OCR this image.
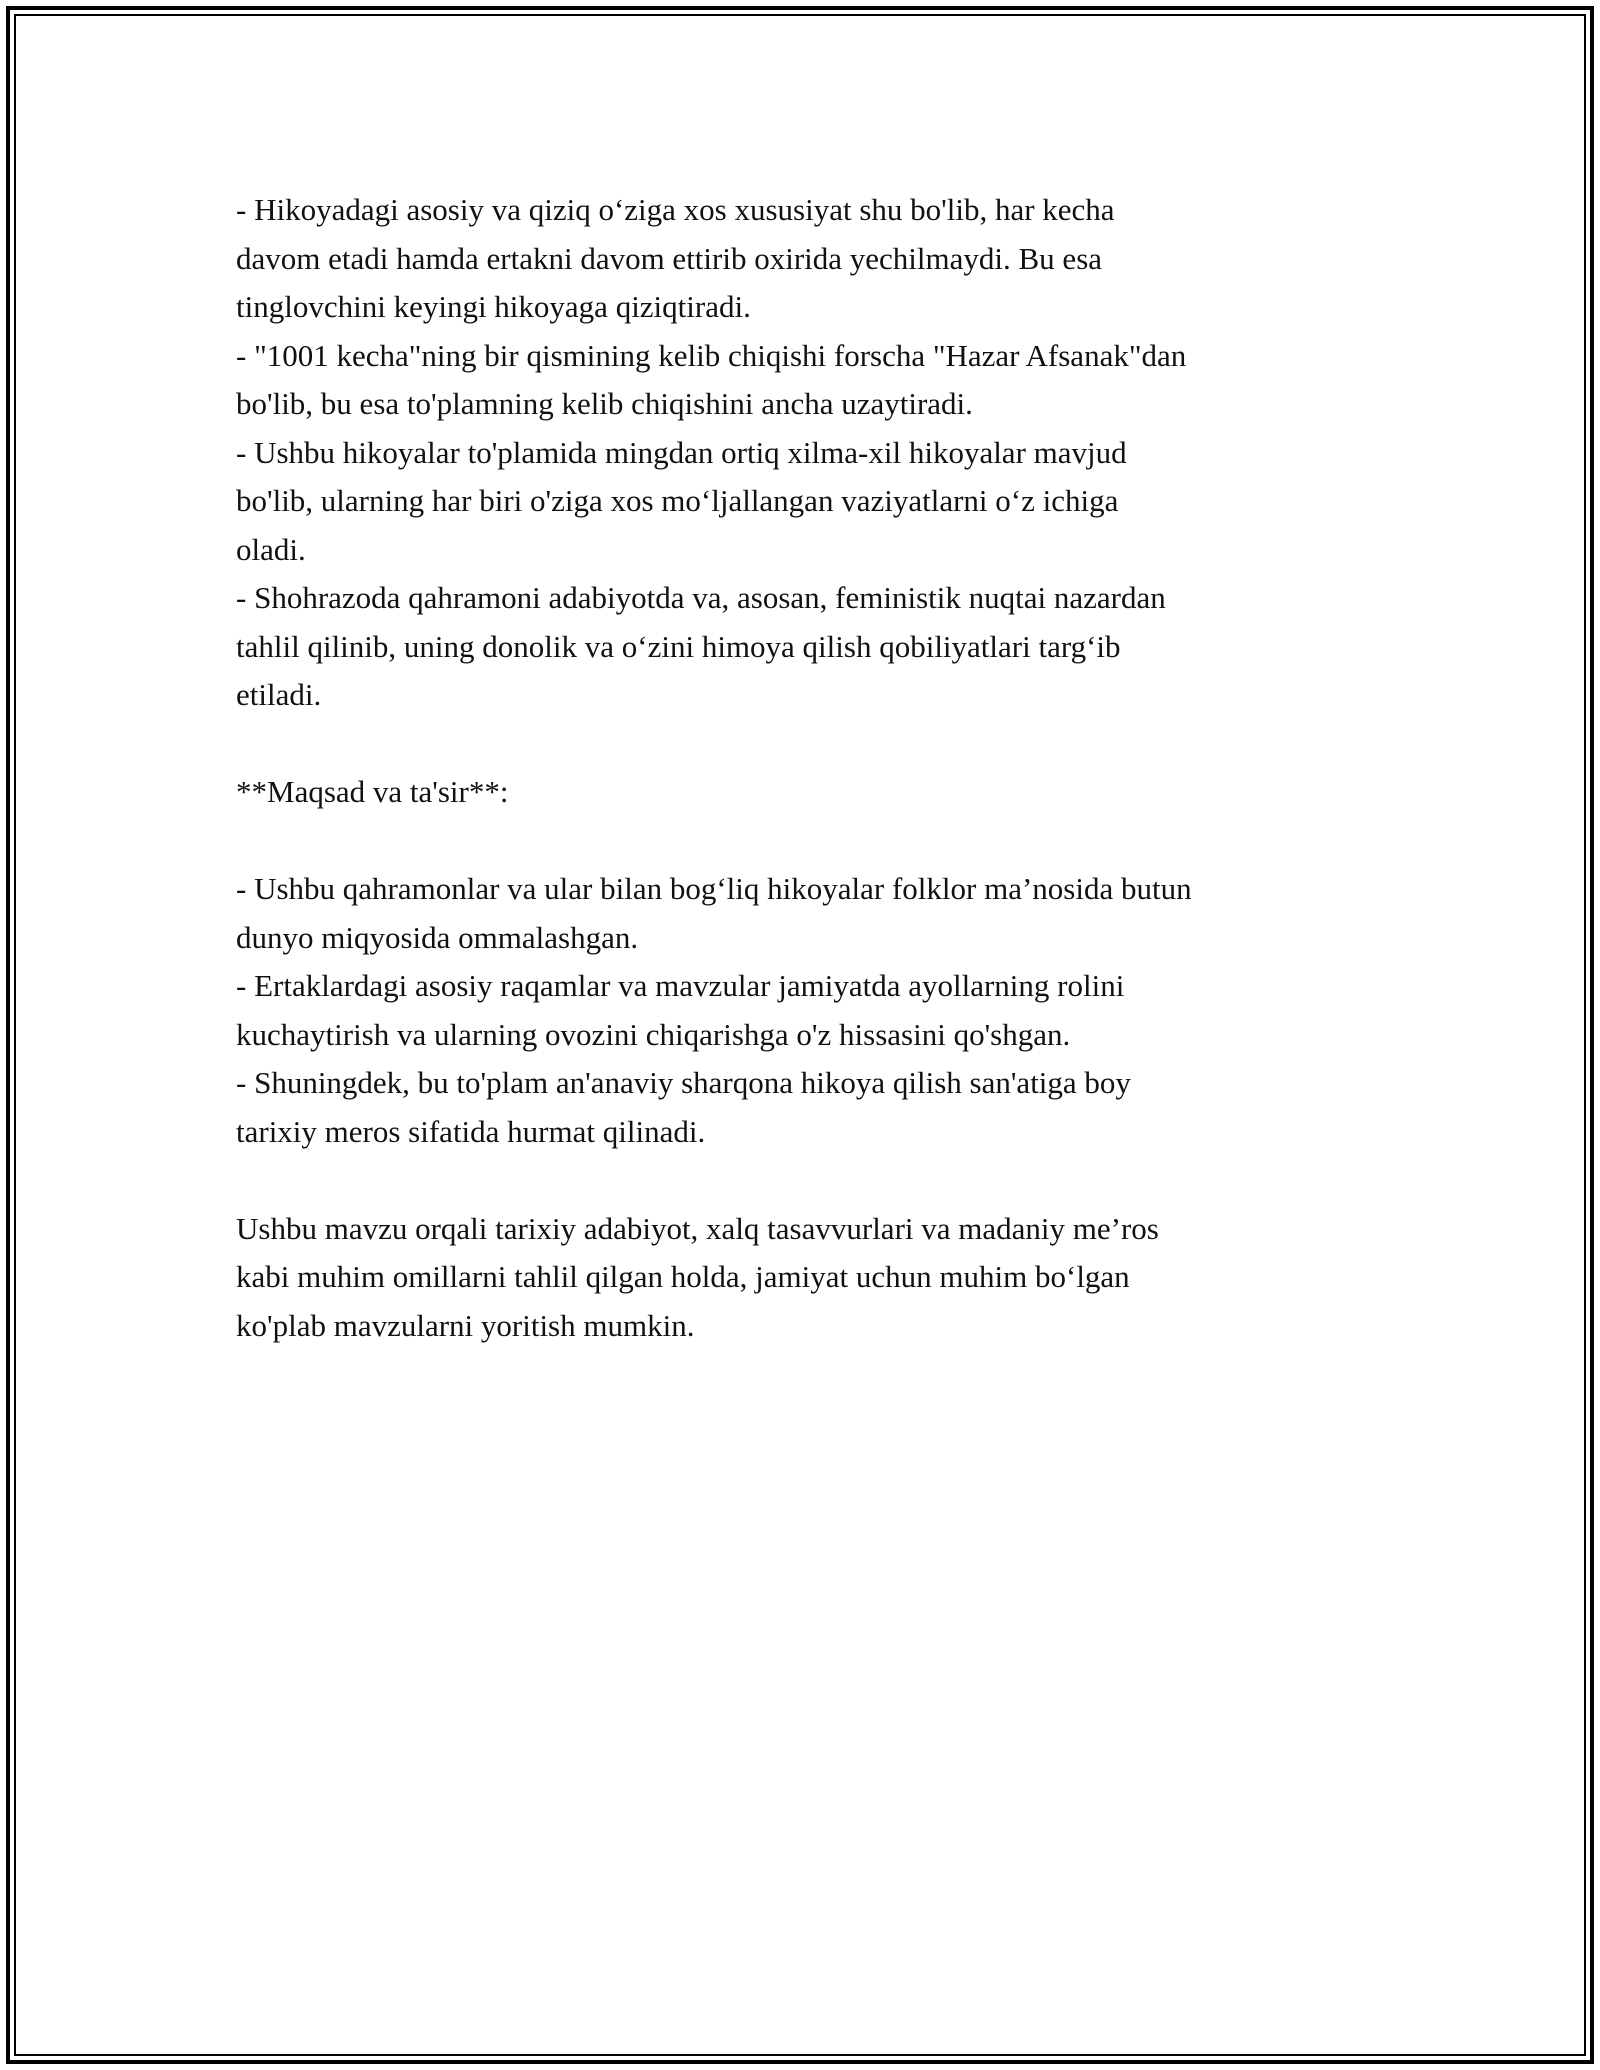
- Hikoyadagi asosiy va qiziq o‘ziga xos xususiyat shu bo'lib, har kecha
davom etadi hamda ertakni davom ettirib oxirida yechilmaydi. Bu esa
tinglovchini keyingi hikoyaga qiziqtiradi.
- "1001 kecha"ning bir qismining kelib chiqishi forscha "Hazar Afsanak"dan
bo'lib, bu esa to'plamning kelib chiqishini ancha uzaytiradi.
- Ushbu hikoyalar to'plamida mingdan ortiq xilma-xil hikoyalar mavjud
bo'lib, ularning har biri o'ziga xos mo‘ljallangan vaziyatlarni o‘z ichiga
oladi.
- Shohrazoda qahramoni adabiyotda va, asosan, feministik nuqtai nazardan
tahlil qilinib, uning donolik va o‘zini himoya qilish qobiliyatlari targ‘ib
etiladi.
**Maqsad va ta'sir**:
- Ushbu qahramonlar va ular bilan bog‘liq hikoyalar folklor ma’nosida butun
dunyo miqyosida ommalashgan.
- Ertaklardagi asosiy raqamlar va mavzular jamiyatda ayollarning rolini
kuchaytirish va ularning ovozini chiqarishga o'z hissasini qo'shgan.
- Shuningdek, bu to'plam an'anaviy sharqona hikoya qilish san'atiga boy
tarixiy meros sifatida hurmat qilinadi.
Ushbu mavzu orqali tarixiy adabiyot, xalq tasavvurlari va madaniy me’ros
kabi muhim omillarni tahlil qilgan holda, jamiyat uchun muhim bo‘lgan
ko'plab mavzularni yoritish mumkin.
